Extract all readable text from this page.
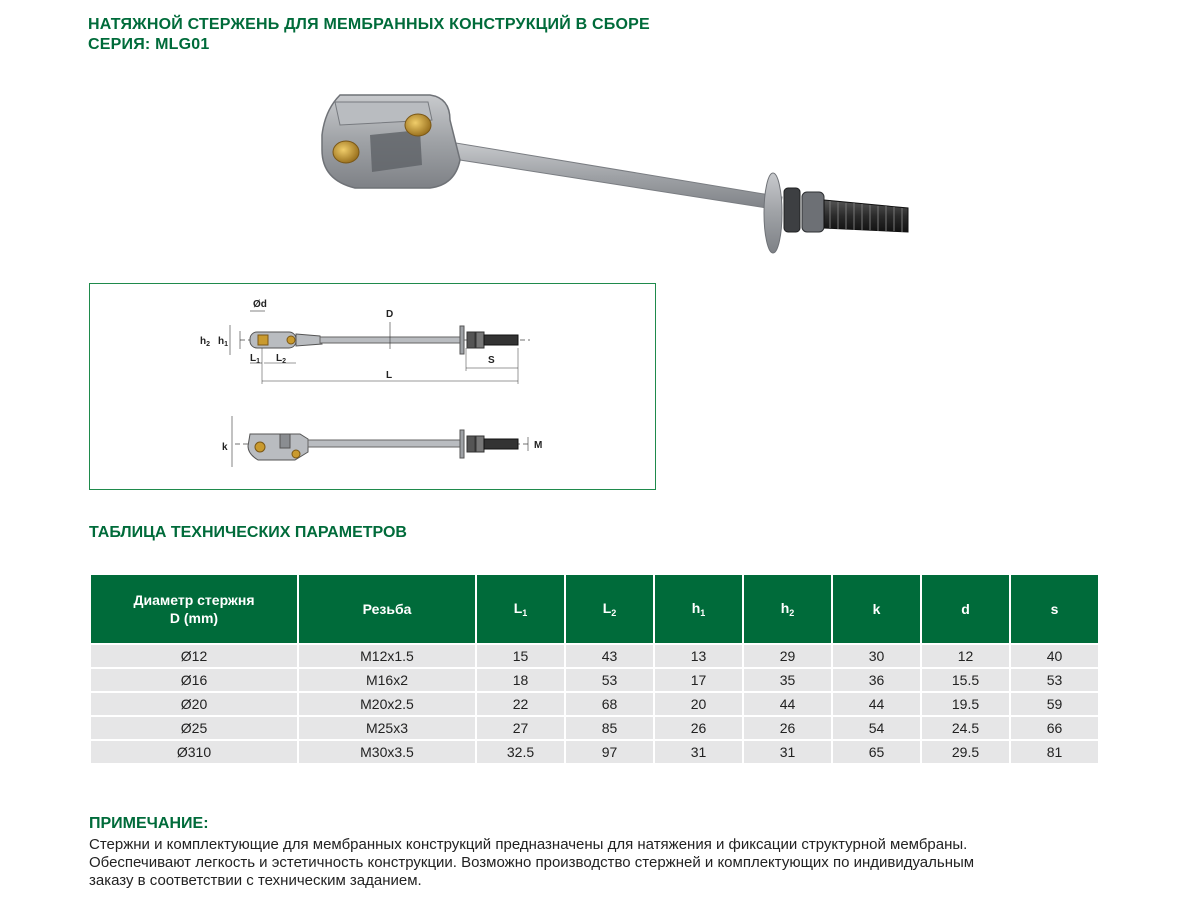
НАТЯЖНОЙ СТЕРЖЕНЬ ДЛЯ МЕМБРАННЫХ КОНСТРУКЦИЙ В СБОРЕ
СЕРИЯ: MLG01
Ød
D
$h_2$ $h_1$
$L_1$ $L_2$	S
L
k	M
ТАБЛИЦА ТЕХНИЧЕСКИХ ПАРАМЕТРОВ
Диаметр стержня
D (mm)	Резьба	$L_1$	$L_2$	$h_1$	$h_2$	k	d	s
Ø12	M12x1.5	15	43	13	29	30	12	40
Ø16	M16x2	18	53	17	35	36	15.5	53
Ø20	M20x2.5	22	68	20	44	44	19.5	59
Ø25	M25x3	27	85	26	26	54	24.5	66
Ø310	M30x3.5	32.5	97	31	31	65	29.5	81
ПРИМЕЧАНИЕ:
Стержни и комплектующие для мембранных конструкций предназначены для натяжения и фиксации структурной мембраны.
Обеспечивают легкость и эстетичность конструкции. Возможно производство стержней и комплектующих по индивидуальным
заказу в соответствии с техническим заданием.
